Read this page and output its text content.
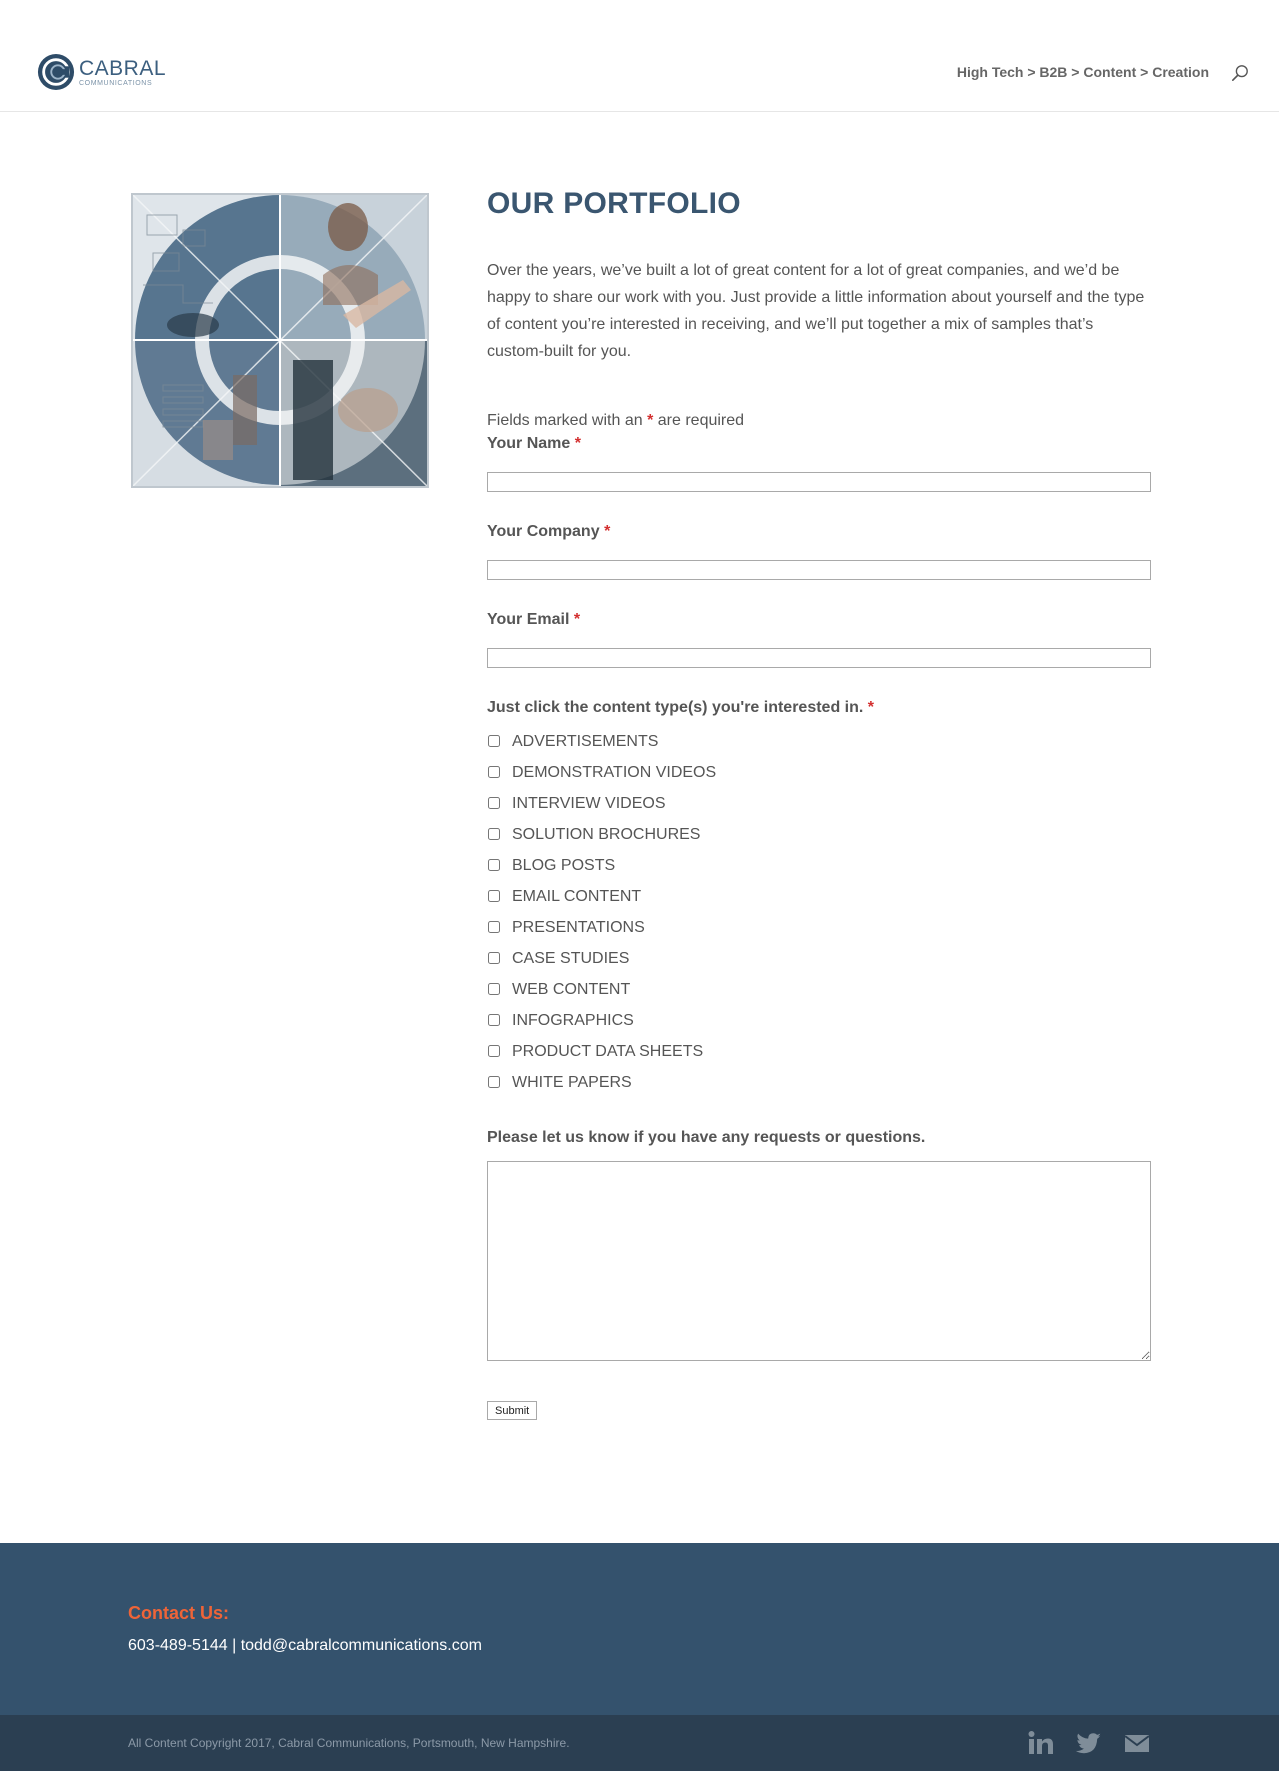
CABRAL
COMMUNICATIONS
High Tech > B2B > Content > Creation
OUR PORTFOLIO

Over the years, we’ve built a lot of great content for a lot of great companies, and we’d be happy to share our work with you. Just provide a little information about yourself and the type of content you’re interested in receiving, and we’ll put together a mix of samples that’s custom-built for you.

Fields marked with an * are required

Your Name *
Your Company *
Your Email *
Just click the content type(s) you're interested in. *
ADVERTISEMENTS
DEMONSTRATION VIDEOS
INTERVIEW VIDEOS
SOLUTION BROCHURES
BLOG POSTS
EMAIL CONTENT
PRESENTATIONS
CASE STUDIES
WEB CONTENT
INFOGRAPHICS
PRODUCT DATA SHEETS
WHITE PAPERS
Please let us know if you have any requests or questions.
Submit
Contact Us:
603-489-5144 | todd@cabralcommunications.com
All Content Copyright 2017, Cabral Communications, Portsmouth, New Hampshire.
